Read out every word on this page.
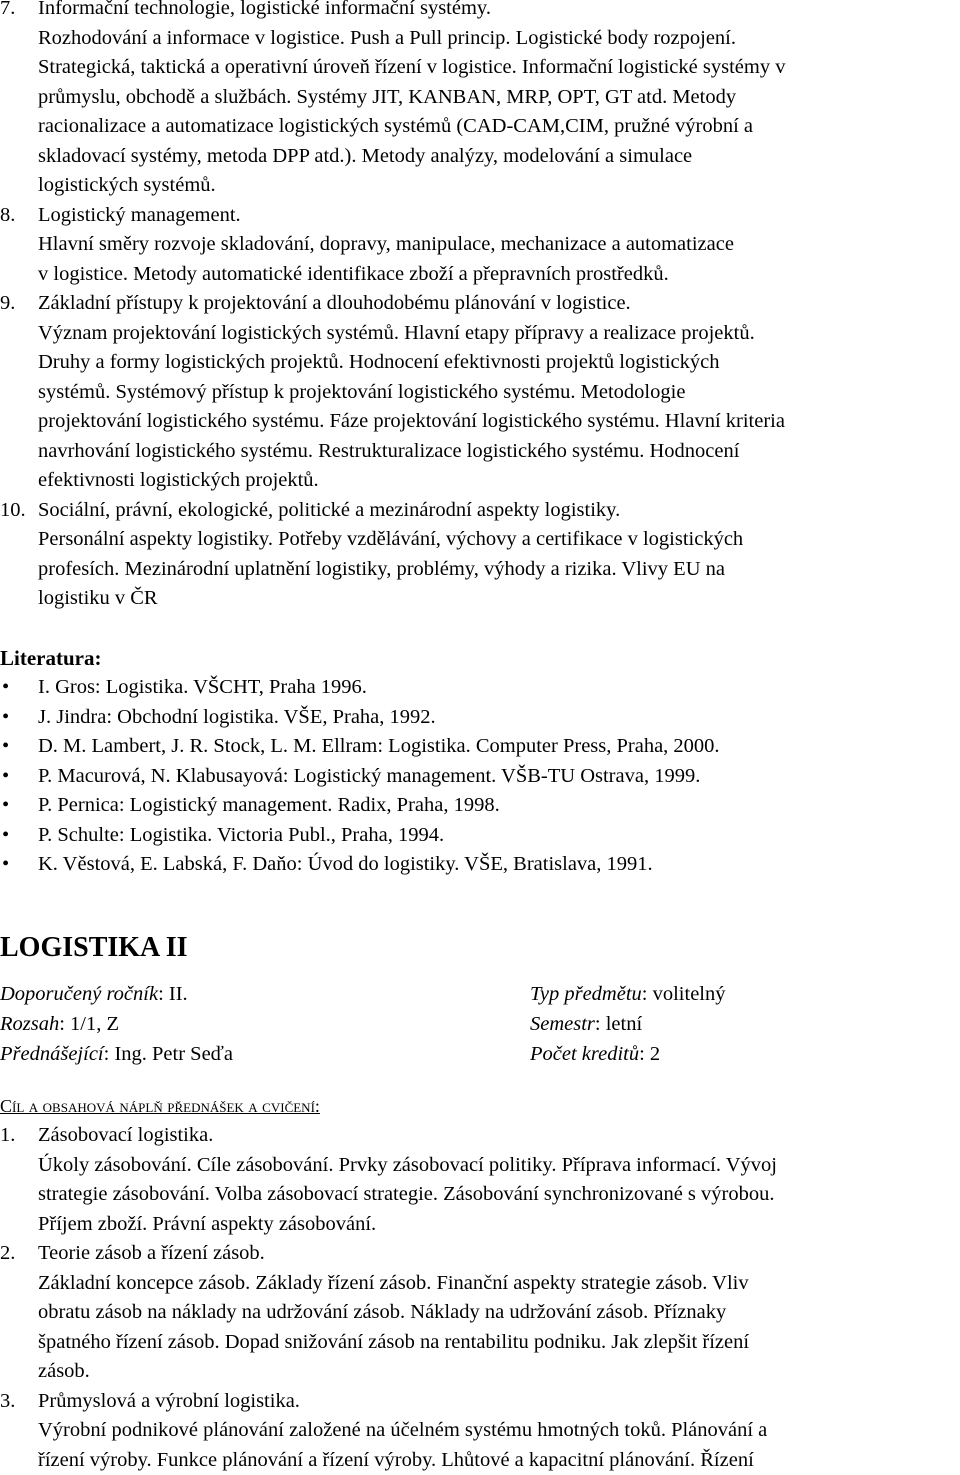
7. Informační technologie, logistické informační systémy.

Rozhodování a informace v logistice. Push a Pull princip. Logistické body rozpojení.

Strategická, taktická a operativní úroveň řízení v logistice. Informační logistické systémy v

průmyslu, obchodě a službách. Systémy JIT, KANBAN, MRP, OPT, GT atd. Metody

racionalizace a automatizace logistických systémů (CAD-CAM,CIM, pružné výrobní a

skladovací systémy, metoda DPP atd.). Metody analýzy, modelování a simulace

logistických systémů.

8. Logistický management.

Hlavní směry rozvoje skladování, dopravy, manipulace, mechanizace a automatizace

v logistice. Metody automatické identifikace zboží a přepravních prostředků.

9. Základní přístupy k projektování a dlouhodobému plánování v logistice.

Význam projektování logistických systémů. Hlavní etapy přípravy a realizace projektů.

Druhy a formy logistických projektů. Hodnocení efektivnosti projektů logistických

systémů. Systémový přístup k projektování logistického systému. Metodologie

projektování logistického systému. Fáze projektování logistického systému. Hlavní kriteria

navrhování logistického systému. Restrukturalizace logistického systému. Hodnocení

efektivnosti logistických projektů.

10. Sociální, právní, ekologické, politické a mezinárodní aspekty logistiky.

Personální aspekty logistiky. Potřeby vzdělávání, výchovy a certifikace v logistických

profesích. Mezinárodní uplatnění logistiky, problémy, výhody a rizika. Vlivy EU na

logistiku v ČR

Literatura:

• I. Gros: Logistika. VŠCHT, Praha 1996.
• J. Jindra: Obchodní logistika. VŠE, Praha, 1992.
• D. M. Lambert, J. R. Stock, L. M. Ellram: Logistika. Computer Press, Praha, 2000.
• P. Macurová, N. Klabusayová: Logistický management. VŠB-TU Ostrava, 1999.
• P. Pernica: Logistický management. Radix, Praha, 1998.
• P. Schulte: Logistika. Victoria Publ., Praha, 1994.
• K. Věstová, E. Labská, F. Daňo: Úvod do logistiky. VŠE, Bratislava, 1991.

LOGISTIKA II

Doporučený ročník: II.	Typ předmětu: volitelný
Rozsah: 1/1, Z	Semestr: letní
Přednášející: Ing. Petr Seďa	Počet kreditů: 2

Cíl a obsahová náplň přednášek a cvičení:

1. Zásobovací logistika.

Úkoly zásobování. Cíle zásobování. Prvky zásobovací politiky. Příprava informací. Vývoj

strategie zásobování. Volba zásobovací strategie. Zásobování synchronizované s výrobou.

Příjem zboží. Právní aspekty zásobování.

2. Teorie zásob a řízení zásob.

Základní koncepce zásob. Základy řízení zásob. Finanční aspekty strategie zásob. Vliv

obratu zásob na náklady na udržování zásob. Náklady na udržování zásob. Příznaky

špatného řízení zásob. Dopad snižování zásob na rentabilitu podniku. Jak zlepšit řízení

zásob.

3. Průmyslová a výrobní logistika.

Výrobní podnikové plánování založené na účelném systému hmotných toků. Plánování a

řízení výroby. Funkce plánování a řízení výroby. Lhůtové a kapacitní plánování. Řízení
